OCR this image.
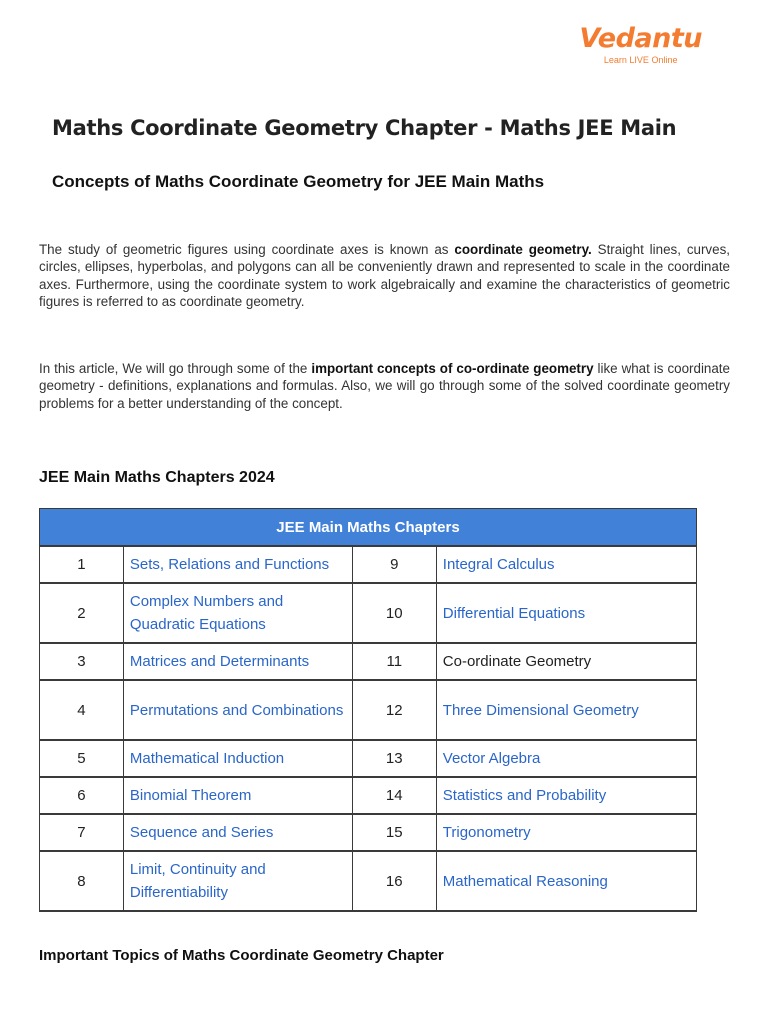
Vedantu
Learn LIVE Online
Maths Coordinate Geometry Chapter - Maths JEE Main
Concepts of Maths Coordinate Geometry for JEE Main Maths

The study of geometric figures using coordinate axes is known as coordinate geometry. Straight lines, curves, circles, ellipses, hyperbolas, and polygons can all be conveniently drawn and represented to scale in the coordinate axes. Furthermore, using the coordinate system to work algebraically and examine the characteristics of geometric figures is referred to as coordinate geometry.

In this article, We will go through some of the important concepts of co-ordinate geometry like what is coordinate geometry - definitions, explanations and formulas. Also, we will go through some of the solved coordinate geometry problems for a better understanding of the concept.

JEE Main Maths Chapters 2024
JEE Main Maths Chapters			
1	Sets, Relations and Functions	9	Integral Calculus
2	Complex Numbers and Quadratic Equations	10	Differential Equations
3	Matrices and Determinants	11	Co-ordinate Geometry
4	Permutations and Combinations	12	Three Dimensional Geometry
5	Mathematical Induction	13	Vector Algebra
6	Binomial Theorem	14	Statistics and Probability
7	Sequence and Series	15	Trigonometry
8	Limit, Continuity and Differentiability	16	Mathematical Reasoning
Important Topics of Maths Coordinate Geometry Chapter
